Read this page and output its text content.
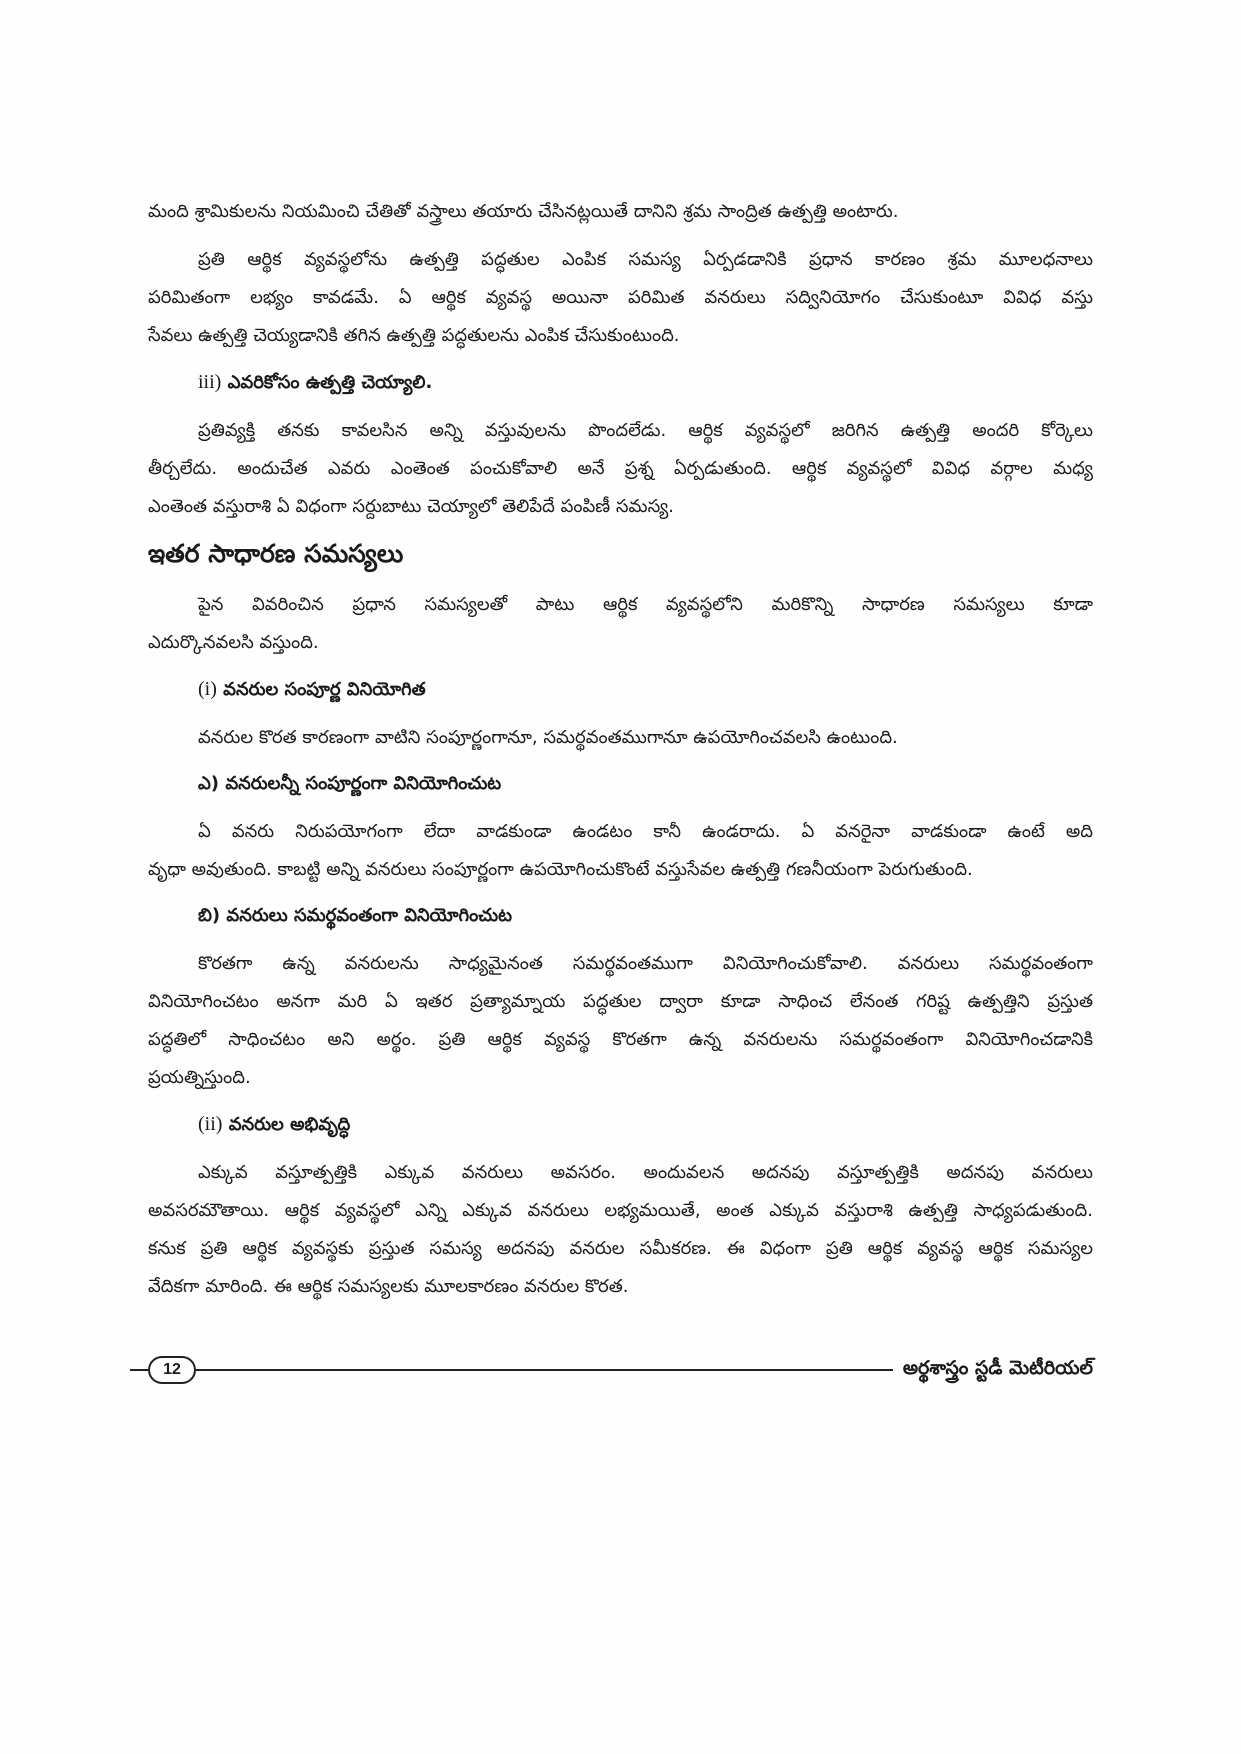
మంది శ్రామికులను నియమించి చేతితో వస్త్రాలు తయారు చేసినట్లయితే దానిని శ్రమ సాంద్రిత ఉత్పత్తి అంటారు.
ప్రతి ఆర్థిక వ్యవస్థలోను ఉత్పత్తి పద్ధతుల ఎంపిక సమస్య ఏర్పడడానికి ప్రధాన కారణం శ్రమ మూలధనాలు
పరిమితంగా లభ్యం కావడమే. ఏ ఆర్థిక వ్యవస్థ అయినా పరిమిత వనరులు సద్వినియోగం చేసుకుంటూ వివిధ వస్తు
సేవలు ఉత్పత్తి చెయ్యడానికి తగిన ఉత్పత్తి పద్ధతులను ఎంపిక చేసుకుంటుంది.
iii) ఎవరికోసం ఉత్పత్తి చెయ్యాలి.
ప్రతివ్యక్తి తనకు కావలసిన అన్ని వస్తువులను పొందలేడు. ఆర్థిక వ్యవస్థలో జరిగిన ఉత్పత్తి అందరి కోర్కెలు
తీర్చలేదు. అందుచేత ఎవరు ఎంతెంత పంచుకోవాలి అనే ప్రశ్న ఏర్పడుతుంది. ఆర్థిక వ్యవస్థలో వివిధ వర్గాల మధ్య
ఎంతెంత వస్తురాశి ఏ విధంగా సర్దుబాటు చెయ్యాలో తెలిపేదే పంపిణీ సమస్య.
ఇతర సాధారణ సమస్యలు
పైన వివరించిన ప్రధాన సమస్యలతో పాటు ఆర్థిక వ్యవస్థలోని మరికొన్ని సాధారణ సమస్యలు కూడా
ఎదుర్కొనవలసి వస్తుంది.
(i) వనరుల సంపూర్ణ వినియోగిత
వనరుల కొరత కారణంగా వాటిని సంపూర్ణంగానూ, సమర్థవంతముగానూ ఉపయోగించవలసి ఉంటుంది.
ఎ) వనరులన్నీ సంపూర్ణంగా వినియోగించుట
ఏ వనరు నిరుపయోగంగా లేదా వాడకుండా ఉండటం కానీ ఉండరాదు. ఏ వనరైనా వాడకుండా ఉంటే అది
వృధా అవుతుంది. కాబట్టి అన్ని వనరులు సంపూర్ణంగా ఉపయోగించుకొంటే వస్తుసేవల ఉత్పత్తి గణనీయంగా పెరుగుతుంది.
బి) వనరులు సమర్థవంతంగా వినియోగించుట
కొరతగా ఉన్న వనరులను సాధ్యమైనంత సమర్థవంతముగా వినియోగించుకోవాలి. వనరులు సమర్థవంతంగా
వినియోగించటం అనగా మరి ఏ ఇతర ప్రత్యామ్నాయ పద్ధతుల ద్వారా కూడా సాధించ లేనంత గరిష్ట ఉత్పత్తిని ప్రస్తుత
పద్ధతిలో సాధించటం అని అర్థం. ప్రతి ఆర్థిక వ్యవస్థ కొరతగా ఉన్న వనరులను సమర్థవంతంగా వినియోగించడానికి
ప్రయత్నిస్తుంది.
(ii) వనరుల అభివృద్ధి
ఎక్కువ వస్తూత్పత్తికి ఎక్కువ వనరులు అవసరం. అందువలన అదనపు వస్తూత్పత్తికి అదనపు వనరులు
అవసరమౌతాయి. ఆర్థిక వ్యవస్థలో ఎన్ని ఎక్కువ వనరులు లభ్యమయితే, అంత ఎక్కువ వస్తురాశి ఉత్పత్తి సాధ్యపడుతుంది.
కనుక ప్రతి ఆర్థిక వ్యవస్థకు ప్రస్తుత సమస్య అదనపు వనరుల సమీకరణ. ఈ విధంగా ప్రతి ఆర్థిక వ్యవస్థ ఆర్థిక సమస్యల
వేదికగా మారింది. ఈ ఆర్థిక సమస్యలకు మూలకారణం వనరుల కొరత.
12	అర్థశాస్త్రం స్టడీ మెటీరియల్
